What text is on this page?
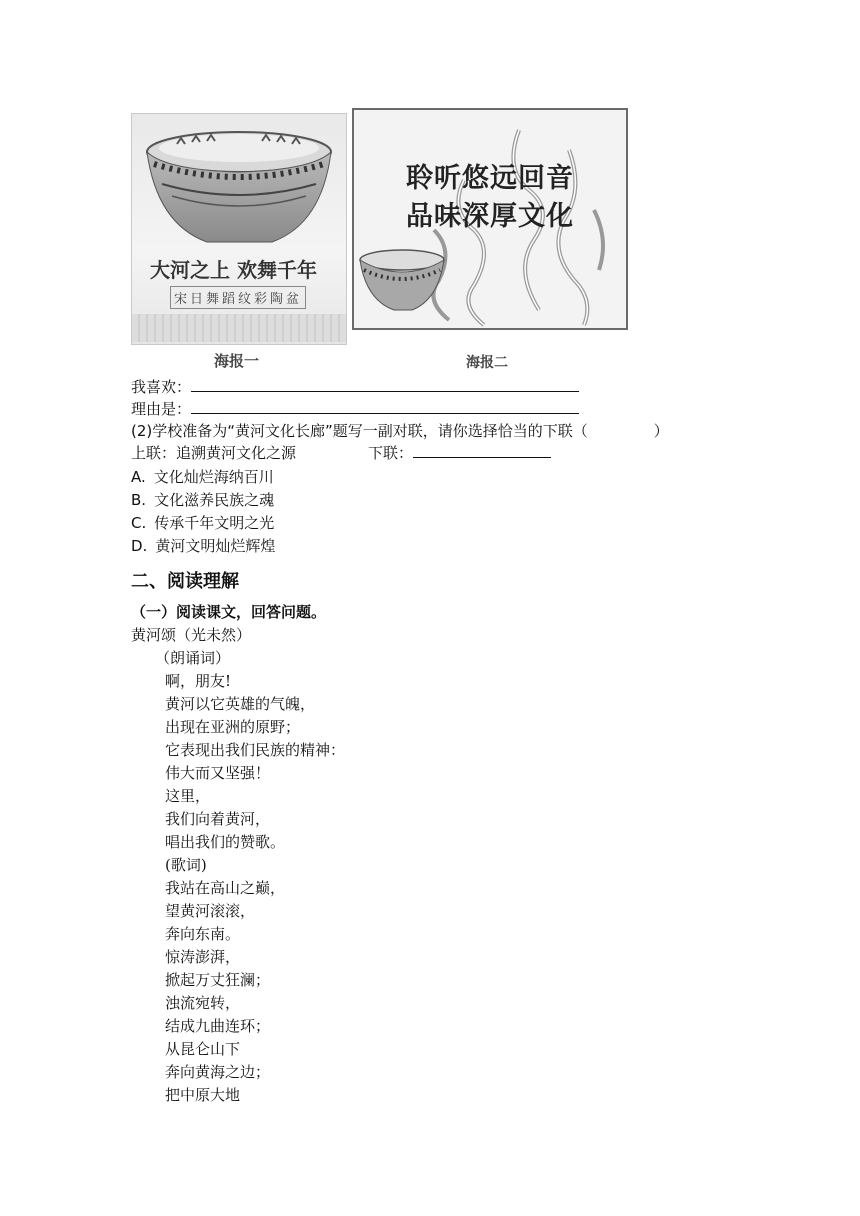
大河之上 欢舞千年
宋日舞蹈纹彩陶盆
海报一
聆听悠远回音
品味深厚文化
海报二
我喜欢：
理由是：
(2)学校准备为“黄河文化长廊”题写一副对联，请你选择恰当的下联（	）
上联：追溯黄河文化之源	下联：
A. 文化灿烂海纳百川
B. 文化滋养民族之魂
C. 传承千年文明之光
D. 黄河文明灿烂辉煌
二、阅读理解
（一）阅读课文，回答问题。
黄河颂（光未然）
（朗诵词）
啊，朋友!
黄河以它英雄的气魄，
出现在亚洲的原野；
它表现出我们民族的精神：
伟大而又坚强！
这里，
我们向着黄河，
唱出我们的赞歌。
(歌词)
我站在高山之巅，
望黄河滚滚，
奔向东南。
惊涛澎湃，
掀起万丈狂澜；
浊流宛转，
结成九曲连环；
从昆仑山下
奔向黄海之边；
把中原大地
